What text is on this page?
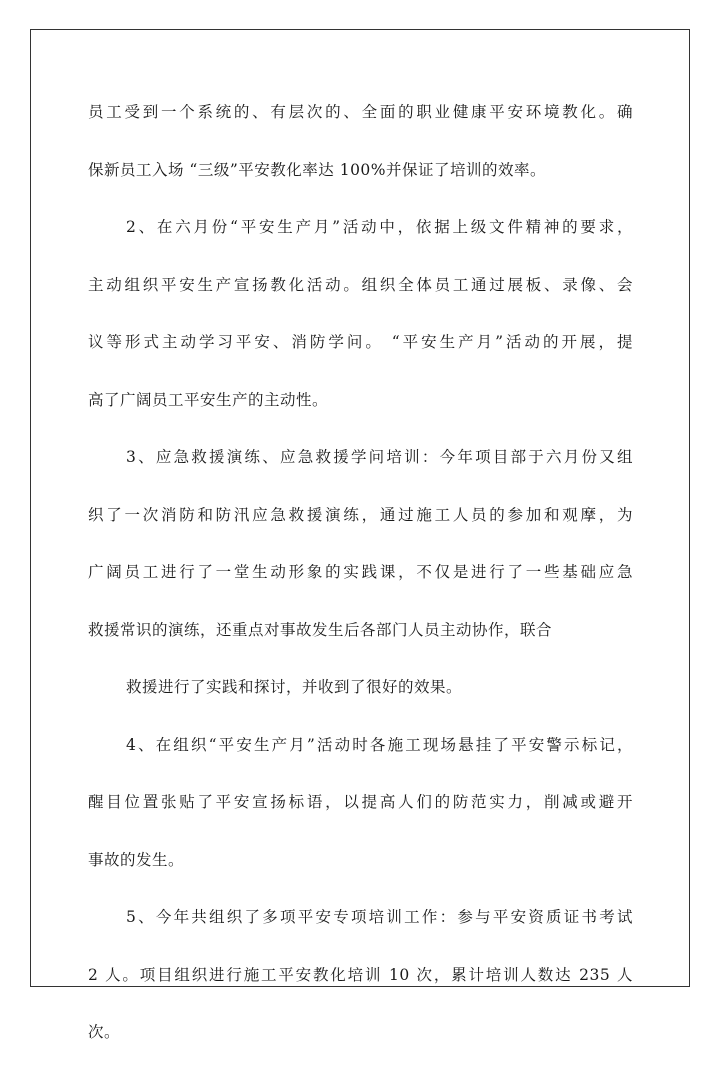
员工受到一个系统的、有层次的、全面的职业健康平安环境教化。确
保新员工入场 “三级”平安教化率达 100%并保证了培训的效率。
2、在六月份“平安生产月”活动中，依据上级文件精神的要求，
主动组织平安生产宣扬教化活动。组织全体员工通过展板、录像、会
议等形式主动学习平安、消防学问。 “平安生产月”活动的开展，提
高了广阔员工平安生产的主动性。
3、应急救援演练、应急救援学问培训：今年项目部于六月份又组
织了一次消防和防汛应急救援演练，通过施工人员的参加和观摩，为
广阔员工进行了一堂生动形象的实践课，不仅是进行了一些基础应急
救援常识的演练，还重点对事故发生后各部门人员主动协作，联合
救援进行了实践和探讨，并收到了很好的效果。
4、在组织“平安生产月”活动时各施工现场悬挂了平安警示标记，
醒目位置张贴了平安宣扬标语，以提高人们的防范实力，削减或避开
事故的发生。
5、今年共组织了多项平安专项培训工作：参与平安资质证书考试
2 人。项目组织进行施工平安教化培训 10 次，累计培训人数达 235 人
次。
